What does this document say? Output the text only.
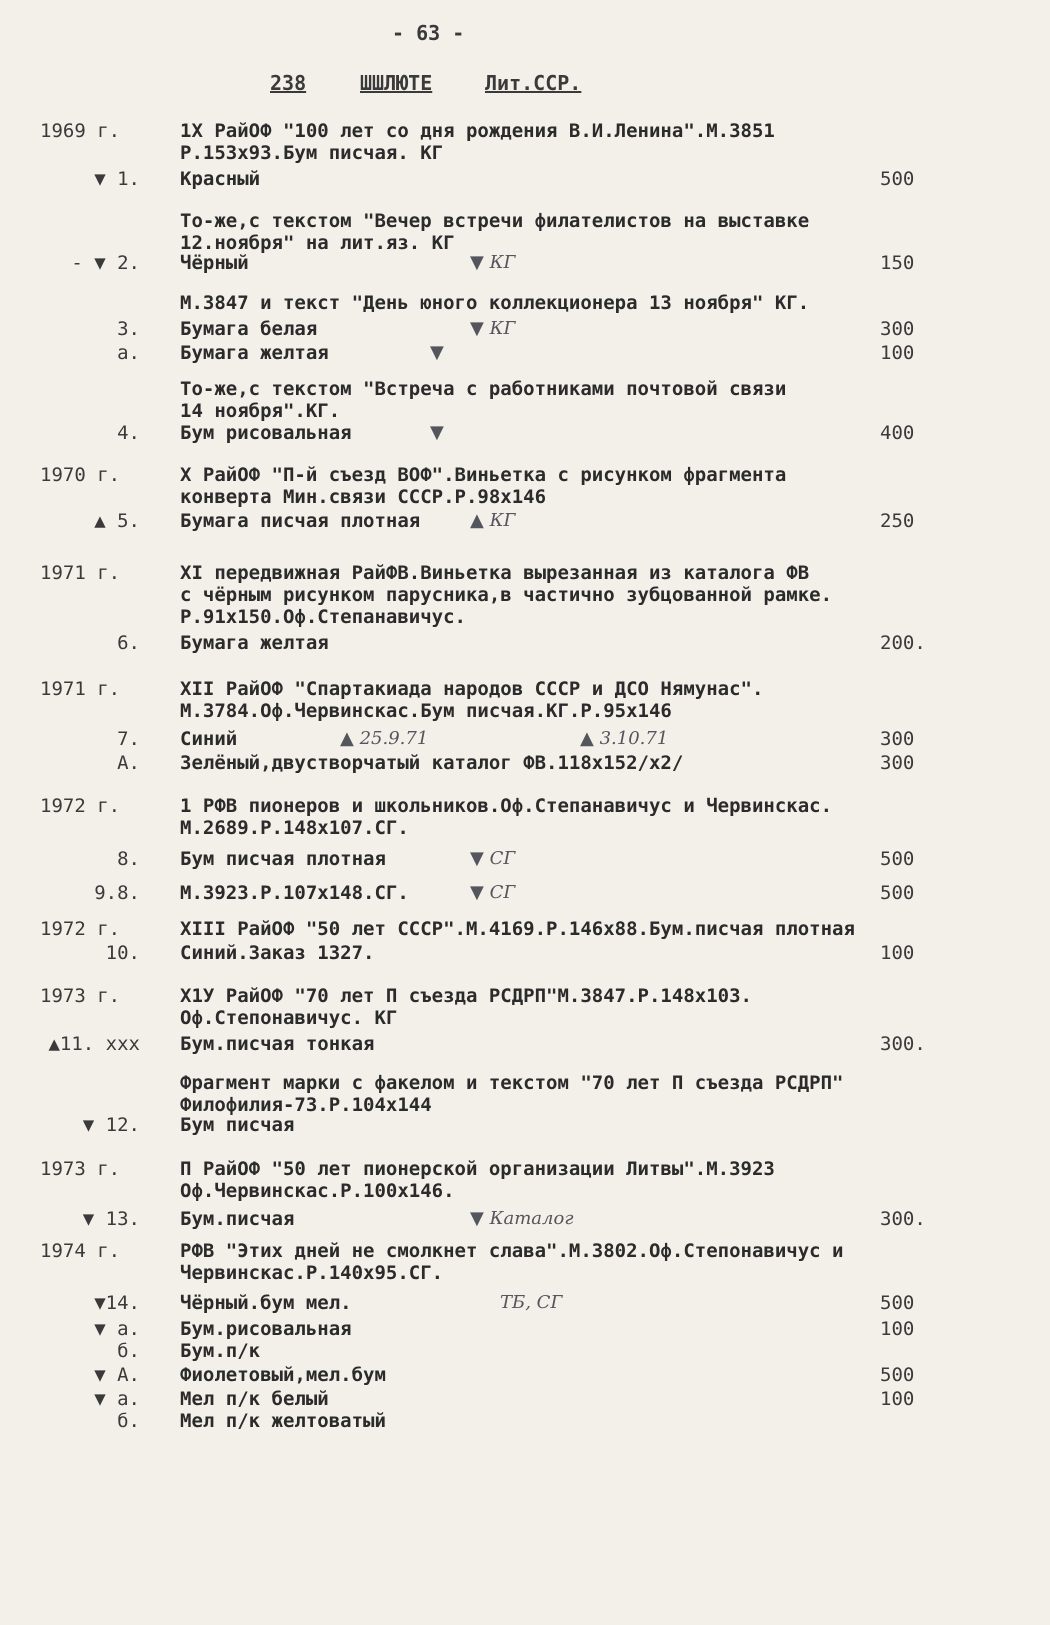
- 63 -
238	ШШЛЮТЕ	Лит.ССР.
1969 г.	1X РайОФ "100 лет со дня рождения В.И.Ленина".М.3851
Р.153х93.Бум писчая. КГ
▼ 1. Красный	500
То-же,с текстом "Вечер встречи филателистов на выставке
12.ноября" на лит.яз. КГ
- ▼ 2. Чёрный	▼ КГ	150
М.3847 и текст "День юного коллекционера 13 ноября" КГ.
3. Бумага белая	▼ КГ	300
а. Бумага желтая	▼	100
То-же,с текстом "Встреча с работниками почтовой связи
14 ноября".КГ.
4. Бум рисовальная	▼	400
1970 г.	X РайОФ "П-й съезд ВОФ".Виньетка с рисунком фрагмента
конверта Мин.связи СССР.Р.98х146
▲ 5. Бумага писчая плотная	▲ КГ	250
1971 г.	XI передвижная РайФВ.Виньетка вырезанная из каталога ФВ
с чёрным рисунком парусника,в частично зубцованной рамке.
Р.91х150.Оф.Степанавичус.
6. Бумага желтая	200.
1971 г.	XII РайОФ "Спартакиада народов СССР и ДСО Нямунас".
М.3784.Оф.Червинскас.Бум писчая.КГ.Р.95х146
7. Синий	▲ 25.9.71	▲ 3.10.71	300
А. Зелёный,двустворчатый каталог ФВ.118х152/х2/	300
1972 г.	1 РФВ пионеров и школьников.Оф.Степанавичус и Червинскас.
М.2689.Р.148х107.СГ.
8. Бум писчая плотная	▼ СГ	500
9.8. М.3923.Р.107х148.СГ.	▼ СГ	500
1972 г.	XIII РайОФ "50 лет СССР".М.4169.Р.146х88.Бум.писчая плотная
10. Синий.Заказ 1327.	100
1973 г.	X1У РайОФ "70 лет П съезда РСДРП"М.3847.Р.148х103.
Оф.Степонавичус. КГ
▲11. ххх Бум.писчая тонкая	300.
Фрагмент марки с факелом и текстом "70 лет П съезда РСДРП"
Филофилия-73.Р.104х144
▼ 12. Бум писчая
1973 г.	П РайОФ "50 лет пионерской организации Литвы".М.3923
Оф.Червинскас.Р.100х146.
▼ 13. Бум.писчая	▼ Каталог	300.
1974 г.	РФВ "Этих дней не смолкнет слава".М.3802.Оф.Степонавичус и
Червинскас.Р.140х95.СГ.
▼14. Чёрный.бум мел.	ТБ, СГ	500
▼ а. Бум.рисовальная	100
б. Бум.п/к
▼ А. Фиолетовый,мел.бум	500
▼ а. Мел п/к белый	100
б. Мел п/к желтоватый
